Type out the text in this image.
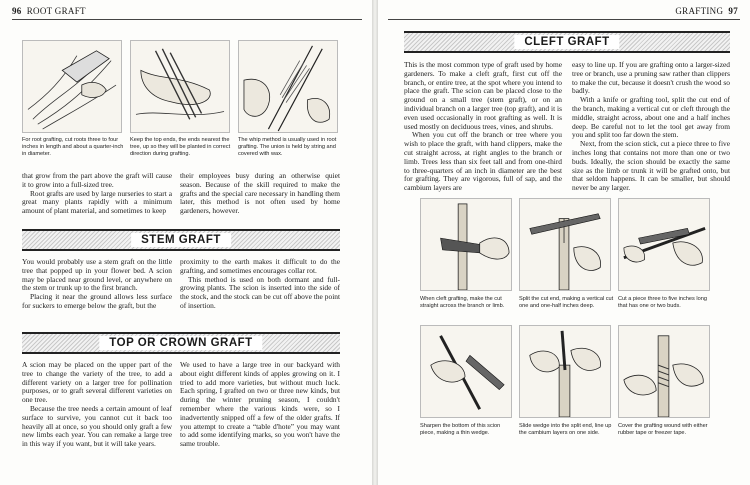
96 ROOT GRAFT
For root grafting, cut roots three to four inches in length and about a quarter-inch in diameter.
Keep the top ends, the ends nearest the tree, up so they will be planted in correct direction during grafting.
The whip method is usually used in root grafting. The union is held by string and covered with wax.

that grow from the part above the graft will cause it to grow into a full-sized tree.

Root grafts are used by large nurseries to start a great many plants rapidly with a minimum amount of plant material, and sometimes to keep

their employees busy during an otherwise quiet season. Because of the skill required to make the grafts and the special care necessary in handling them later, this method is not often used by home gardeners, however.

STEM GRAFT

You would probably use a stem graft on the little tree that popped up in your flower bed. A scion may be placed near ground level, or anywhere on the stem or trunk up to the first branch.

Placing it near the ground allows less surface for suckers to emerge below the graft, but the

proximity to the earth makes it difficult to do the grafting, and sometimes encourages collar rot.

This method is used on both dormant and full-growing plants. The scion is inserted into the side of the stock, and the stock can be cut off above the point of insertion.

TOP OR CROWN GRAFT

A scion may be placed on the upper part of the tree to change the variety of the tree, to add a different variety on a larger tree for pollination purposes, or to graft several different varieties on one tree.

Because the tree needs a certain amount of leaf surface to survive, you cannot cut it back too heavily all at once, so you should only graft a few new limbs each year. You can remake a large tree in this way if you want, but it will take years.

We used to have a large tree in our backyard with about eight different kinds of apples growing on it. I tried to add more varieties, but without much luck. Each spring, I grafted on two or three new kinds, but during the winter pruning season, I couldn't remember where the various kinds were, so I inadvertently snipped off a few of the older grafts. If you attempt to create a “table d'hote” you may want to add some identifying marks, so you won't have the same trouble.

GRAFTING 97
CLEFT GRAFT

This is the most common type of graft used by home gardeners. To make a cleft graft, first cut off the branch, or entire tree, at the spot where you intend to place the graft. The scion can be placed close to the ground on a small tree (stem graft), or on an individual branch on a larger tree (top graft), and it is even used occasionally in root grafting as well. It is used mostly on deciduous trees, vines, and shrubs.

When you cut off the branch or tree where you wish to place the graft, with hand clippers, make the cut straight across, at right angles to the branch or limb. Trees less than six feet tall and from one-third to three-quarters of an inch in diameter are the best for grafting. They are vigorous, full of sap, and the cambium layers are

easy to line up. If you are grafting onto a larger-sized tree or branch, use a pruning saw rather than clippers to make the cut, because it doesn't crush the wood so badly.

With a knife or grafting tool, split the cut end of the branch, making a vertical cut or cleft through the middle, straight across, about one and a half inches deep. Be careful not to let the tool get away from you and split too far down the stem.

Next, from the scion stick, cut a piece three to five inches long that contains not more than one or two buds. Ideally, the scion should be exactly the same size as the limb or trunk it will be grafted onto, but that seldom happens. It can be smaller, but should never be any larger.

When cleft grafting, make the cut straight across the branch or limb.
Split the cut end, making a vertical cut one and one-half inches deep.
Cut a piece three to five inches long that has one or two buds.
Sharpen the bottom of this scion piece, making a thin wedge.
Slide wedge into the split end, line up the cambium layers on one side.
Cover the grafting wound with either rubber tape or freezer tape.
